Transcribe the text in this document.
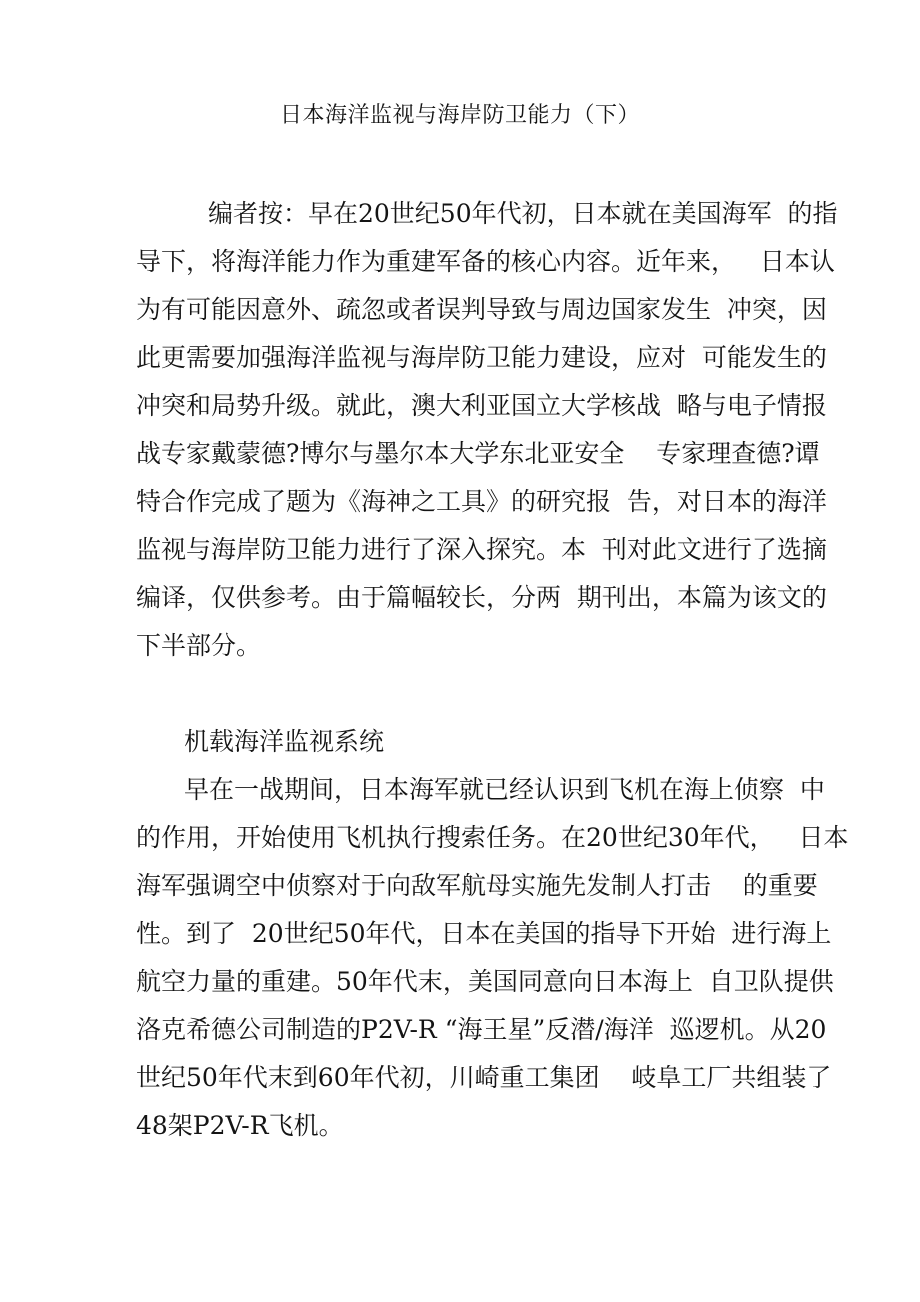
日本海洋监视与海岸防卫能力（下）
编者按：早在20世纪50年代初，日本就在美国海军  的指
导下，将海洋能力作为重建军备的核心内容。近年来，   日本认
为有可能因意外、疏忽或者误判导致与周边国家发生  冲突，因
此更需要加强海洋监视与海岸防卫能力建设，应对  可能发生的
冲突和局势升级。就此，澳大利亚国立大学核战  略与电子情报
战专家戴蒙德?博尔与墨尔本大学东北亚安全    专家理查德?谭
特合作完成了题为《海神之工具》的研究报  告，对日本的海洋
监视与海岸防卫能力进行了深入探究。本  刊对此文进行了选摘
编译，仅供参考。由于篇幅较长，分两  期刊出，本篇为该文的
下半部分。
机载海洋监视系统
早在一战期间，日本海军就已经认识到飞机在海上侦察  中
的作用，开始使用飞机执行搜索任务。在20世纪30年代，   日本
海军强调空中侦察对于向敌军航母实施先发制人打击    的重要
性。到了  20世纪50年代，日本在美国的指导下开始  进行海上
航空力量的重建。50年代末，美国同意向日本海上  自卫队提供
洛克希德公司制造的P2V-R “海王星”反潜/海洋  巡逻机。从20
世纪50年代末到60年代初，川崎重工集团    岐阜工厂共组装了
48架P2V-R飞机。
